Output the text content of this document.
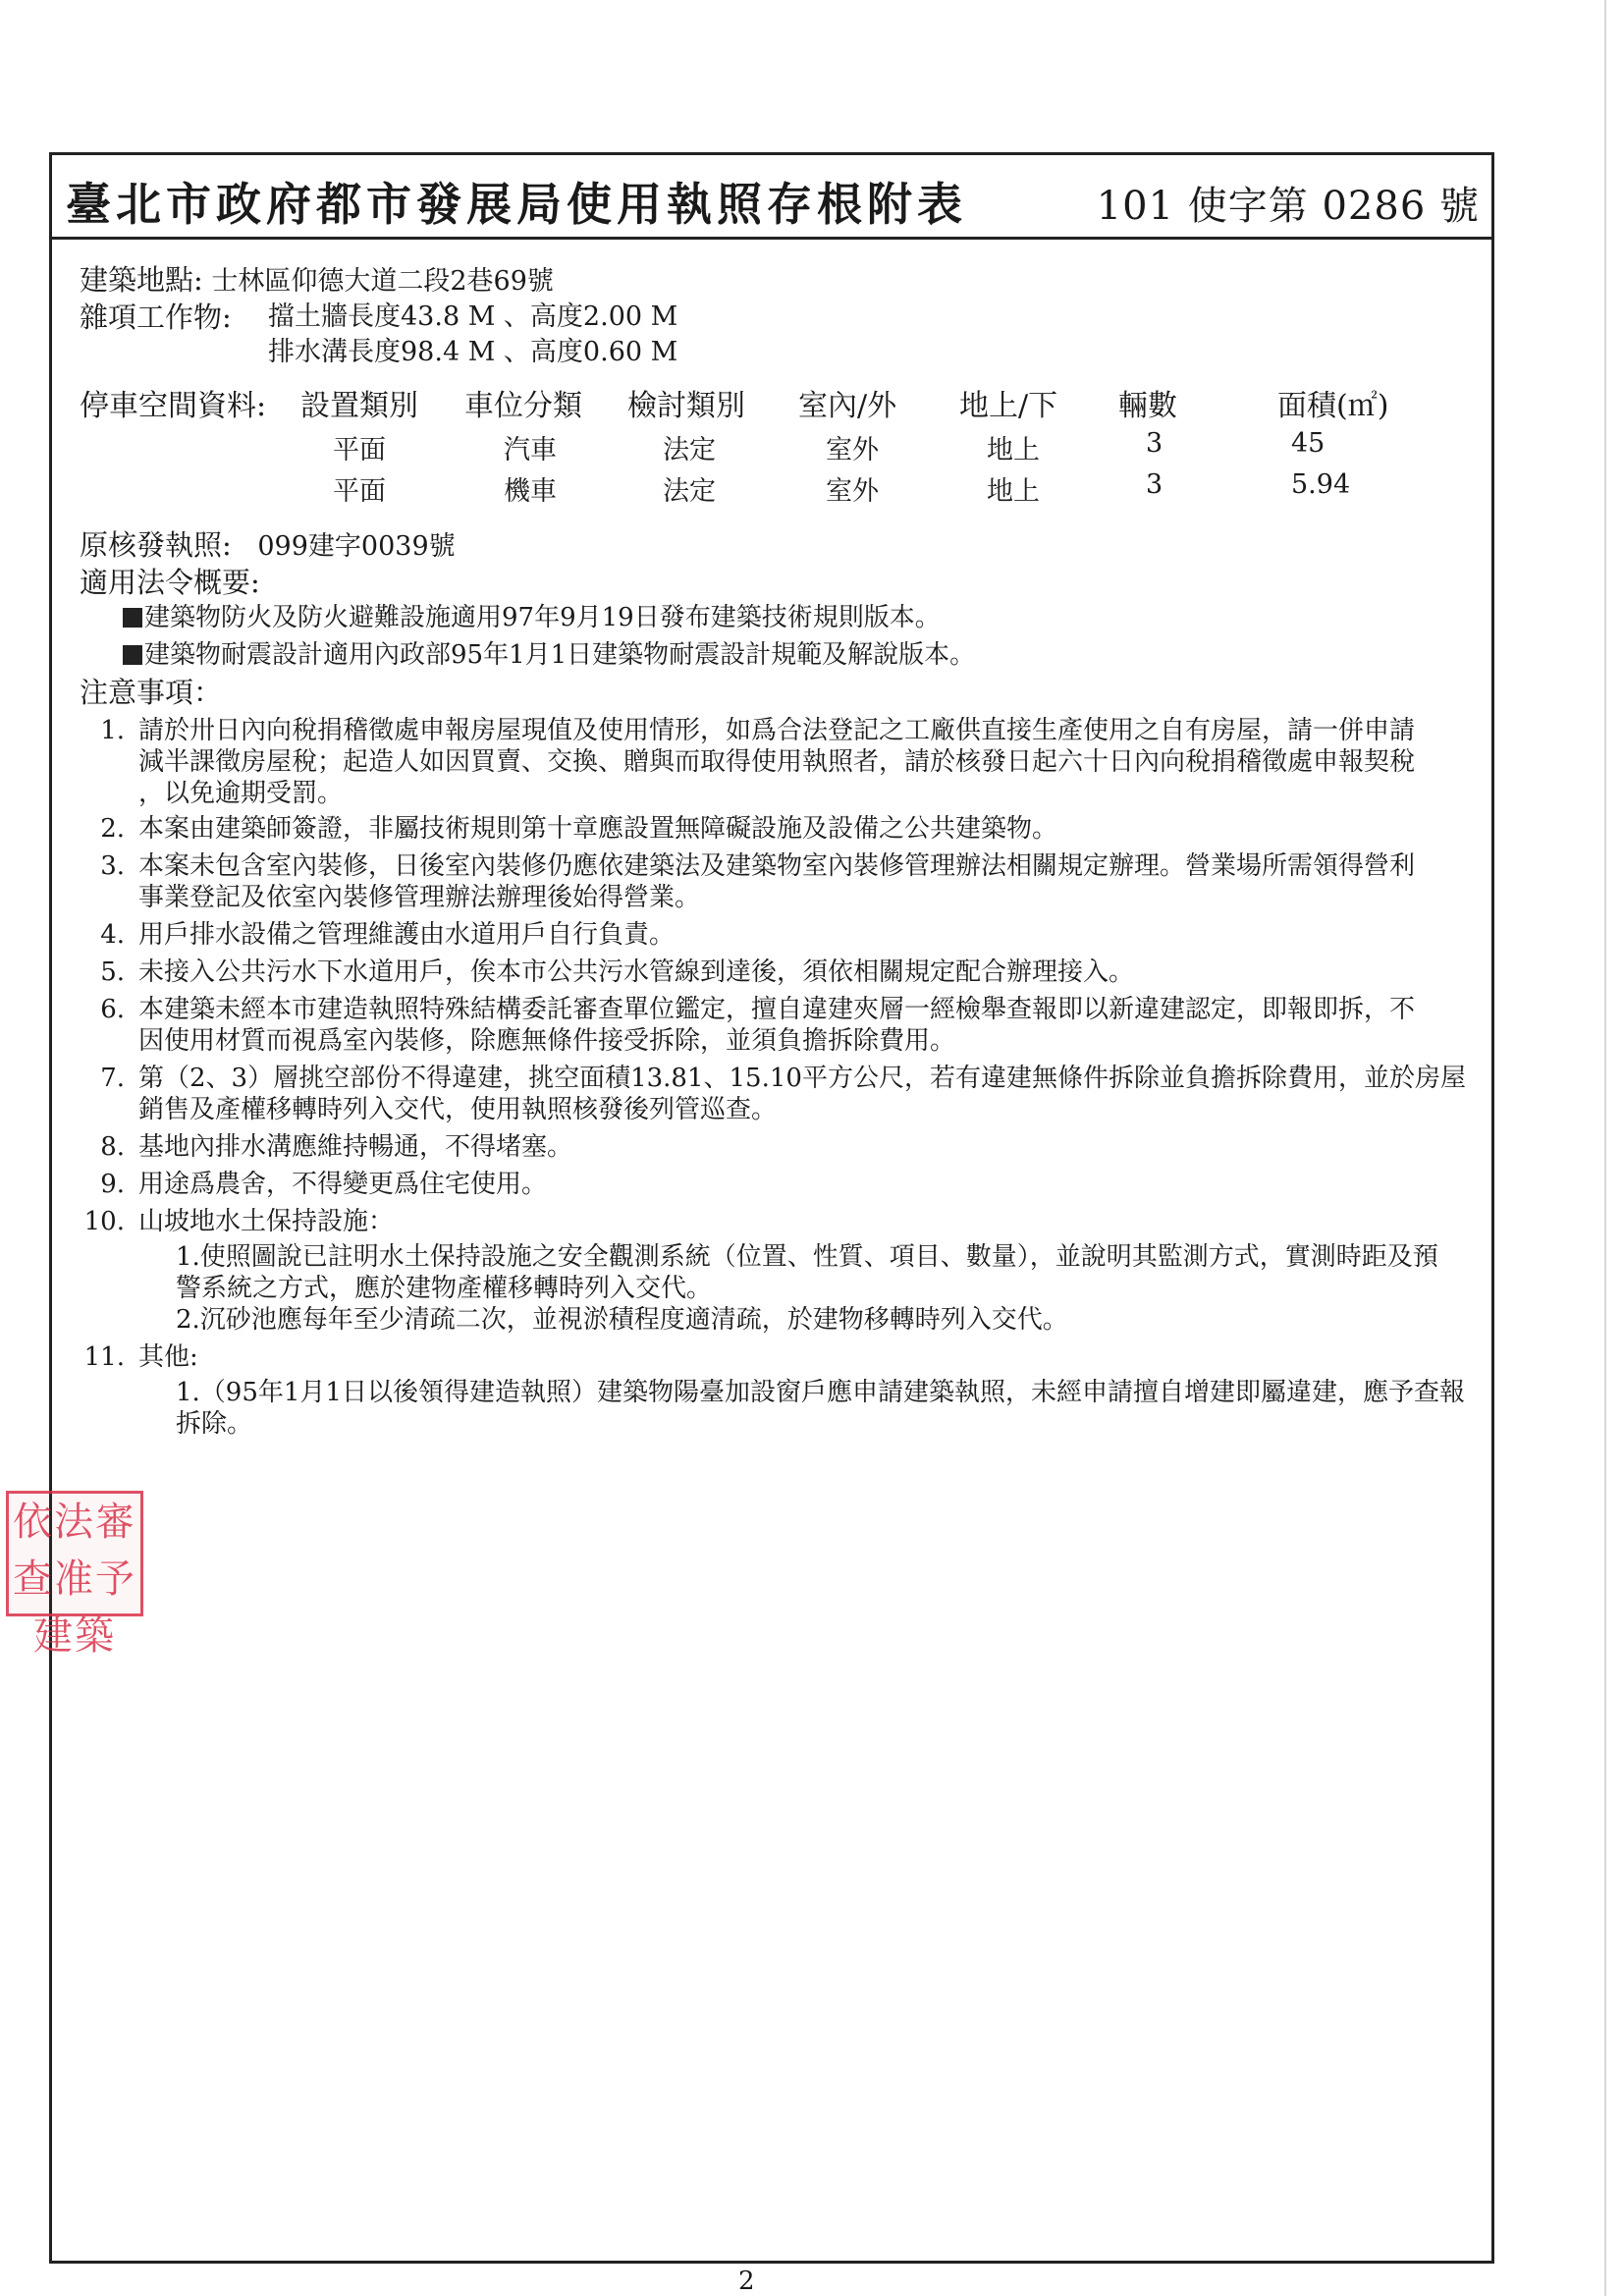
臺北市政府都市發展局使用執照存根附表	101 使字第 0286 號
建築地點: 士林區仰德大道二段2巷69號
雜項工作物: 擋土牆長度43.8 M 、高度2.00 M
排水溝長度98.4 M 、高度0.60 M
停車空間資料: 設置類別 車位分類 檢討類別 室內/外 地上/下 輛數	面積(㎡)
平面	汽車	法定	室外	地上	3	45
平面	機車	法定	室外	地上	3	5.94
原核發執照: 099建字0039號
適用法令概要:
建築物防火及防火避難設施適用97年9月19日發布建築技術規則版本。
建築物耐震設計適用內政部95年1月1日建築物耐震設計規範及解說版本。
注意事項：
1. 請於卅日內向稅捐稽徵處申報房屋現值及使用情形，如爲合法登記之工廠供直接生產使用之自有房屋，請一併申請
減半課徵房屋稅；起造人如因買賣、交換、贈與而取得使用執照者，請於核發日起六十日內向稅捐稽徵處申報契稅
，以免逾期受罰。
2. 本案由建築師簽證，非屬技術規則第十章應設置無障礙設施及設備之公共建築物。
3. 本案未包含室內裝修，日後室內裝修仍應依建築法及建築物室內裝修管理辦法相關規定辦理。營業場所需領得營利
事業登記及依室內裝修管理辦法辦理後始得營業。
4. 用戶排水設備之管理維護由水道用戶自行負責。
5. 未接入公共污水下水道用戶，俟本市公共污水管線到達後，須依相關規定配合辦理接入。
6. 本建築未經本市建造執照特殊結構委託審查單位鑑定，擅自違建夾層一經檢舉查報即以新違建認定，即報即拆，不
因使用材質而視爲室內裝修，除應無條件接受拆除，並須負擔拆除費用。
7. 第（2、3）層挑空部份不得違建，挑空面積13.81、15.10平方公尺，若有違建無條件拆除並負擔拆除費用，並於房屋
銷售及產權移轉時列入交代，使用執照核發後列管巡查。
8. 基地內排水溝應維持暢通，不得堵塞。
9. 用途爲農舍，不得變更爲住宅使用。
10. 山坡地水土保持設施：
1.使照圖說已註明水土保持設施之安全觀測系統（位置、性質、項目、數量），並說明其監測方式，實測時距及預
警系統之方式，應於建物產權移轉時列入交代。
2.沉砂池應每年至少清疏二次，並視淤積程度適清疏，於建物移轉時列入交代。
11. 其他:
1.（95年1月1日以後領得建造執照）建築物陽臺加設窗戶應申請建築執照，未經申請擅自增建即屬違建，應予查報
拆除。
依法審查准予建築
2
